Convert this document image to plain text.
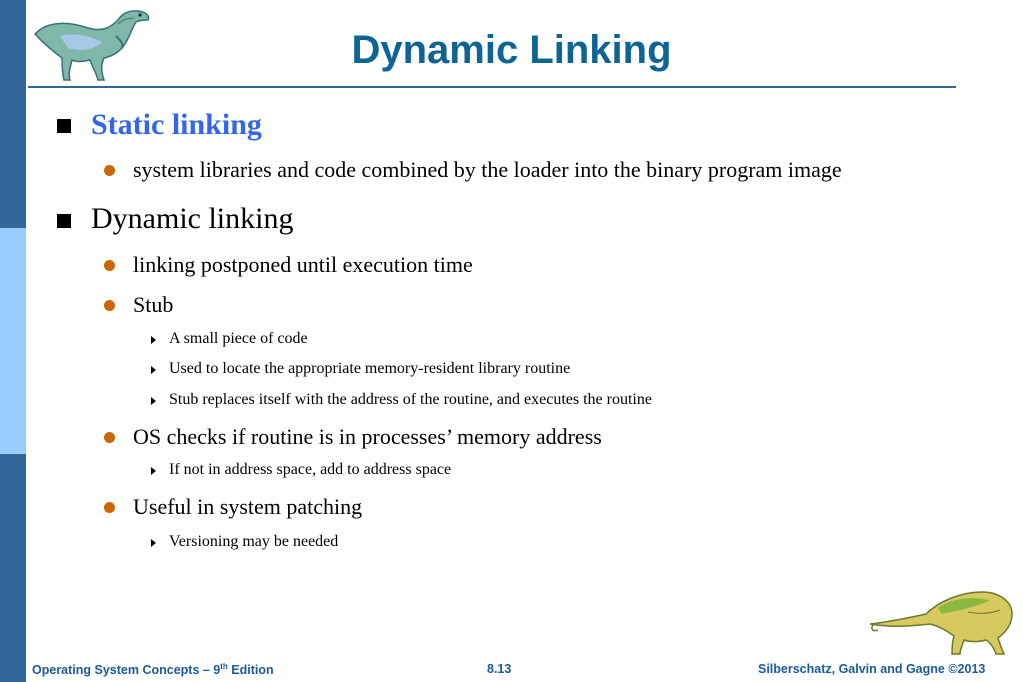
Dynamic Linking
Static linking
system libraries and code combined by the loader into the binary program image
Dynamic linking
linking postponed until execution time
Stub
A small piece of code
Used to locate the appropriate memory-resident library routine
Stub replaces itself with the address of the routine, and executes the routine
OS checks if routine is in processes’ memory address
If not in address space, add to address space
Useful in system patching
Versioning may be needed
Operating System Concepts – 9th Edition	8.13	Silberschatz, Galvin and Gagne ©2013
